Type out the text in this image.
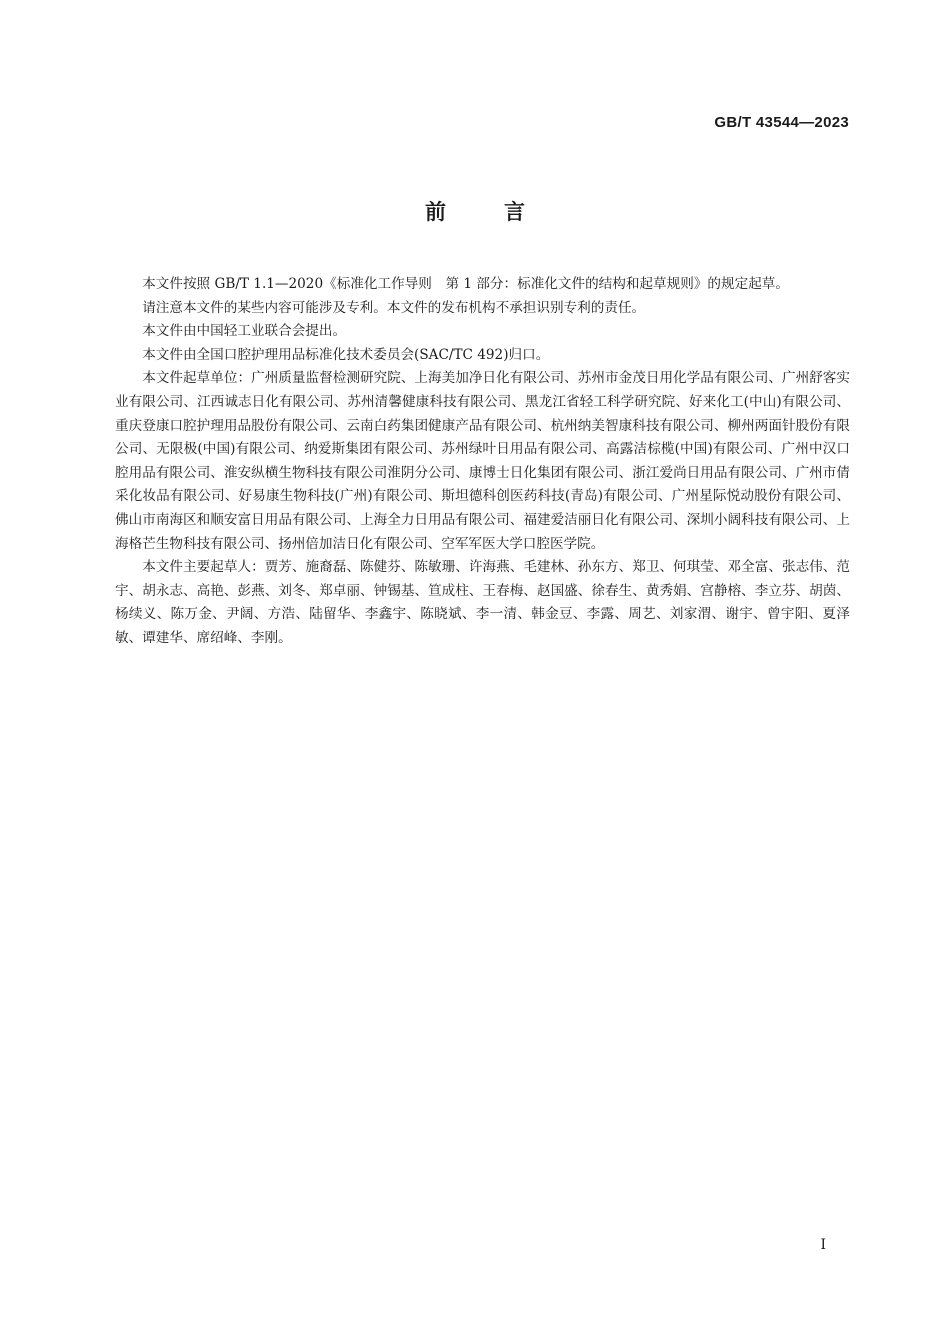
GB/T 43544—2023
前言

本文件按照 GB/T 1.1—2020《标准化工作导则　第 1 部分：标准化文件的结构和起草规则》的规定起草。

请注意本文件的某些内容可能涉及专利。本文件的发布机构不承担识别专利的责任。

本文件由中国轻工业联合会提出。

本文件由全国口腔护理用品标准化技术委员会(SAC/TC 492)归口。

本文件起草单位：广州质量监督检测研究院、上海美加净日化有限公司、苏州市金茂日用化学品有限公司、广州舒客实业有限公司、江西诚志日化有限公司、苏州清馨健康科技有限公司、黑龙江省轻工科学研究院、好来化工(中山)有限公司、重庆登康口腔护理用品股份有限公司、云南白药集团健康产品有限公司、杭州纳美智康科技有限公司、柳州两面针股份有限公司、无限极(中国)有限公司、纳爱斯集团有限公司、苏州绿叶日用品有限公司、高露洁棕榄(中国)有限公司、广州中汉口腔用品有限公司、淮安纵横生物科技有限公司淮阴分公司、康博士日化集团有限公司、浙江爱尚日用品有限公司、广州市倩采化妆品有限公司、好易康生物科技(广州)有限公司、斯坦德科创医药科技(青岛)有限公司、广州星际悦动股份有限公司、佛山市南海区和顺安富日用品有限公司、上海全力日用品有限公司、福建爱洁丽日化有限公司、深圳小阔科技有限公司、上海格芒生物科技有限公司、扬州倍加洁日化有限公司、空军军医大学口腔医学院。

本文件主要起草人：贾芳、施裔磊、陈健芬、陈敏珊、许海燕、毛建林、孙东方、郑卫、何琪莹、邓全富、张志伟、范宇、胡永志、高艳、彭燕、刘冬、郑卓丽、钟锡基、笪成柱、王春梅、赵国盛、徐春生、黄秀娟、宫静榕、李立芬、胡茵、杨续义、陈万金、尹阔、方浩、陆留华、李鑫宇、陈晓斌、李一清、韩金豆、李露、周艺、刘家渭、谢宇、曾宇阳、夏泽敏、谭建华、席绍峰、李刚。

I
